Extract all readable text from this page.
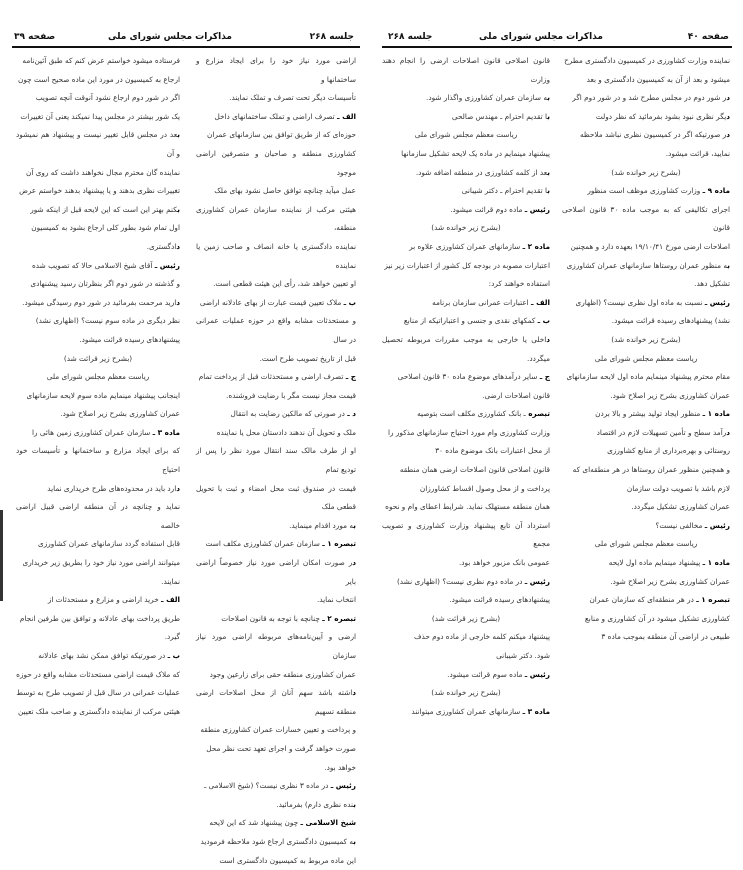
جلسه ۲۶۸
مذاکرات مجلس شورای ملی
صفحه ۳۹

اراضی مورد نیاز خود را برای ایجاد مزارع و ساختمانها و

تأسیسات دیگر تحت تصرف و تملک نمایند.

الف ـ تصرف اراضی و تملک ساختمانهای داخل

حوزه‌ای که از طریق توافق بین سازمانهای عمران

کشاورزی منطقه و صاحبان و متصرفین اراضی موجود

عمل میآید چنانچه توافق حاصل نشود بهای ملک

هیئتی مرکب از نماینده سازمان عمران کشاورزی منطقه،

نماینده دادگستری یا خانه انصاف و صاحب زمین یا نماینده

او تعیین خواهد شد، رأی این هیئت قطعی است.

ب ـ ملاک تعیین قیمت عبارت از بهای عادلانه اراضی

و مستحدثات مشابه واقع در حوزه عملیات عمرانی در سال

قبل از تاریخ تصویب طرح است.

ج ـ تصرف اراضی و مستحدثات قبل از پرداخت تمام

قیمت مجاز نیست مگر با رضایت فروشنده.

د ـ در صورتی که مالکین رضایت به انتقال

ملک و تحویل آن ندهند دادستان محل یا نماینده

او از طرف مالک سند انتقال مورد نظر را پس از تودیع تمام

قیمت در صندوق ثبت محل امضاء و ثبت با تحویل قطعی ملک

به مورد اقدام مینماید.

تبصره ۱ ـ سازمان عمران کشاورزی مکلف است

در صورت امکان اراضی مورد نیاز خصوصاً اراضی بایر

انتخاب نماید.

تبصره ۲ ـ چنانچه با توجه به قانون اصلاحات

ارضی و آیین‌نامه‌های مربوطه اراضی مورد نیاز سازمان

عمران کشاورزی منطقه حقی برای زارعین وجود

داشته باشد سهم آنان از محل اصلاحات ارضی منطقه تسهیم

و پرداخت و تعیین خسارات عمران کشاورزی منطقه

صورت خواهد گرفت و اجرای تعهد تحت نظر محل

خواهد بود.

رئیس ـ در ماده ۳ نظری نیست؟ (شیخ الاسلامی ـ

بنده نظری دارم) بفرمائید.

شیخ الاسلامی ـ چون پیشنهاد شد که این لایحه

به کمیسیون دادگستری ارجاع شود ملاحظه فرمودید

این ماده مربوط به کمیسیون دادگستری است

فرستاده میشود خواستم عرض کنم که طبق آئین‌نامه

ارجاع به کمیسیون در مورد این ماده صحیح است چون

اگر در شور دوم ارجاع نشود آنوقت آنچه تصویب

یک شور بیشتر در مجلس پیدا نمیکند یعنی آن تغییرات

بعد در مجلس قابل تغییر نیست و پیشنهاد هم نمیشود و آن

نماینده گان محترم مجال نخواهند داشت که روی آن

تغییرات نظری بدهند و یا پیشنهاد بدهند خواستم عرض

بکنم بهتر این است که این لایحه قبل از اینکه شور

اول تمام شود بطور کلی ارجاع بشود به کمیسیون

دادگستری.

رئیس ـ آقای شیخ الاسلامی حالا که تصویب شده

و گذشته در شور دوم اگر بنظرتان رسید پیشنهادی

دارید مرحمت بفرمائید در شور دوم رسیدگی میشود.

نظر دیگری در ماده سوم نیست؟ (اظهاری نشد)

پیشنهادهای رسیده قرائت میشود.

(بشرح زیر قرائت شد)

ریاست معظم مجلس شورای ملی

اینجانب پیشنهاد مینمایم ماده سوم لایحه سازمانهای

عمران کشاورزی بشرح زیر اصلاح شود.

ماده ۳ ـ سازمان عمران کشاورزی زمین هائی را

که برای ایجاد مزارع و ساختمانها و تأسیسات خود احتیاج

دارد باید در محدوده‌های طرح خریداری نماید

نماید و چنانچه در آن منطقه اراضی قبیل اراضی خالصه

قابل استفاده گردد سازمانهای عمران کشاورزی

میتوانند اراضی مورد نیاز خود را بطریق زیر خریداری

نمایند.

الف ـ خرید اراضی و مزارع و مستحدثات از

طریق پرداخت بهای عادلانه و توافق بین طرفین انجام

گیرد.

ب ـ در صورتیکه توافق ممکن نشد بهای عادلانه

که ملاک قیمت اراضی مستحدثات مشابه واقع در حوزه

عملیات عمرانی در سال قبل از تصویب طرح به توسط

هیئتی مرکب از نماینده دادگستری و صاحب ملک تعیین

صفحه ۴۰
مذاکرات مجلس شورای ملی
جلسه ۲۶۸

نماینده وزارت کشاورزی در کمیسیون دادگستری مطرح

میشود و بعد از آن به کمیسیون دادگستری و بعد

در شور دوم در مجلس مطرح شد و در شور دوم اگر

دیگر نظری نبود بشود بفرمائید که نظر دولت

در صورتیکه اگر در کمیسیون نظری نباشد ملاحظه

نمایید، قرائت میشود.

(بشرح زیر خوانده شد)

ماده ۹ ـ وزارت کشاورزی موظف است منظور

اجرای تکالیفی که به موجب ماده ۳۰ قانون اصلاحی قانون

اصلاحات ارضی مورخ ۱۹/۱۰/۴۱ بعهده دارد و همچنین

به منظور عمران روستاها سازمانهای عمران کشاورزی

تشکیل دهد.

رئیس ـ نسبت به ماده اول نظری نیست؟ (اظهاری

نشد) پیشنهادهای رسیده قرائت میشود.

(بشرح زیر خوانده شد)

ریاست معظم مجلس شورای ملی

مقام محترم پیشنهاد مینمایم ماده اول لایحه سازمانهای

عمران کشاورزی بشرح زیر اصلاح شود.

ماده ۱ ـ منظور ایجاد تولید بیشتر و بالا بردن

درآمد سطح و تأمین تسهیلات لازم در اقتصاد

روستائی و بهره‌برداری از منابع کشاورزی

و همچنین منظور عمران روستاها در هر منطقه‌ای که

لازم باشد با تصویب دولت سازمان

عمران کشاورزی تشکیل میگردد.

رئیس ـ مخالفی نیست؟

ریاست معظم مجلس شورای ملی

ماده ۱ ـ پیشنهاد مینمایم ماده اول لایحه

عمران کشاورزی بشرح زیر اصلاح شود.

تبصره ۱ ـ در هر منطقه‌ای که سازمان عمران

کشاورزی تشکیل میشود در آن کشاورزی و منابع

طبیعی در اراضی آن منطقه بموجب ماده ۳

قانون اصلاحی قانون اصلاحات ارضی را انجام دهند وزارت

به سازمان عمران کشاورزی واگذار شود.

با تقدیم احترام ـ مهندس صالحی

ریاست معظم مجلس شورای ملی

پیشنهاد مینمایم در ماده یک لایحه تشکیل سازمانها

بعد از کلمه کشاورزی در منطقه اضافه شود.

با تقدیم احترام ـ دکتر شیبانی

رئیس ـ ماده دوم قرائت میشود.

(بشرح زیر خوانده شد)

ماده ۲ ـ سازمانهای عمران کشاورزی علاوه بر

اعتبارات مصوبه در بودجه کل کشور از اعتبارات زیر نیز

استفاده خواهند کرد:

الف ـ اعتبارات عمرانی سازمان برنامه

ب ـ کمکهای نقدی و جنسی و اعتباراتیکه از منابع

داخلی یا خارجی به موجب مقررات مربوطه تحصیل میگردد.

ج ـ سایر درآمدهای موضوع ماده ۳۰ قانون اصلاحی

قانون اصلاحات ارضی.

تبصره ـ بانک کشاورزی مکلف است بتوصیه

وزارت کشاورزی وام مورد احتیاج سازمانهای مذکور را

از محل اعتبارات بانک موضوع ماده ۳۰

قانون اصلاحی قانون اصلاحات ارضی همان منطقه

پرداخت و از محل وصول اقساط کشاورزان

همان منطقه مستهلک نماید. شرایط اعطای وام و نحوه

استرداد آن تابع پیشنهاد وزارت کشاورزی و تصویب مجمع

عمومی بانک مزبور خواهد بود.

رئیس ـ در ماده دوم نظری نیست؟ (اظهاری نشد)

پیشنهادهای رسیده قرائت میشود.

(بشرح زیر قرائت شد)

پیشنهاد میکنم کلمه خارجی از ماده دوم حذف

شود. دکتر شیبانی

رئیس ـ ماده سوم قرائت میشود.

(بشرح زیر خوانده شد)

ماده ۳ ـ سازمانهای عمران کشاورزی میتوانند
